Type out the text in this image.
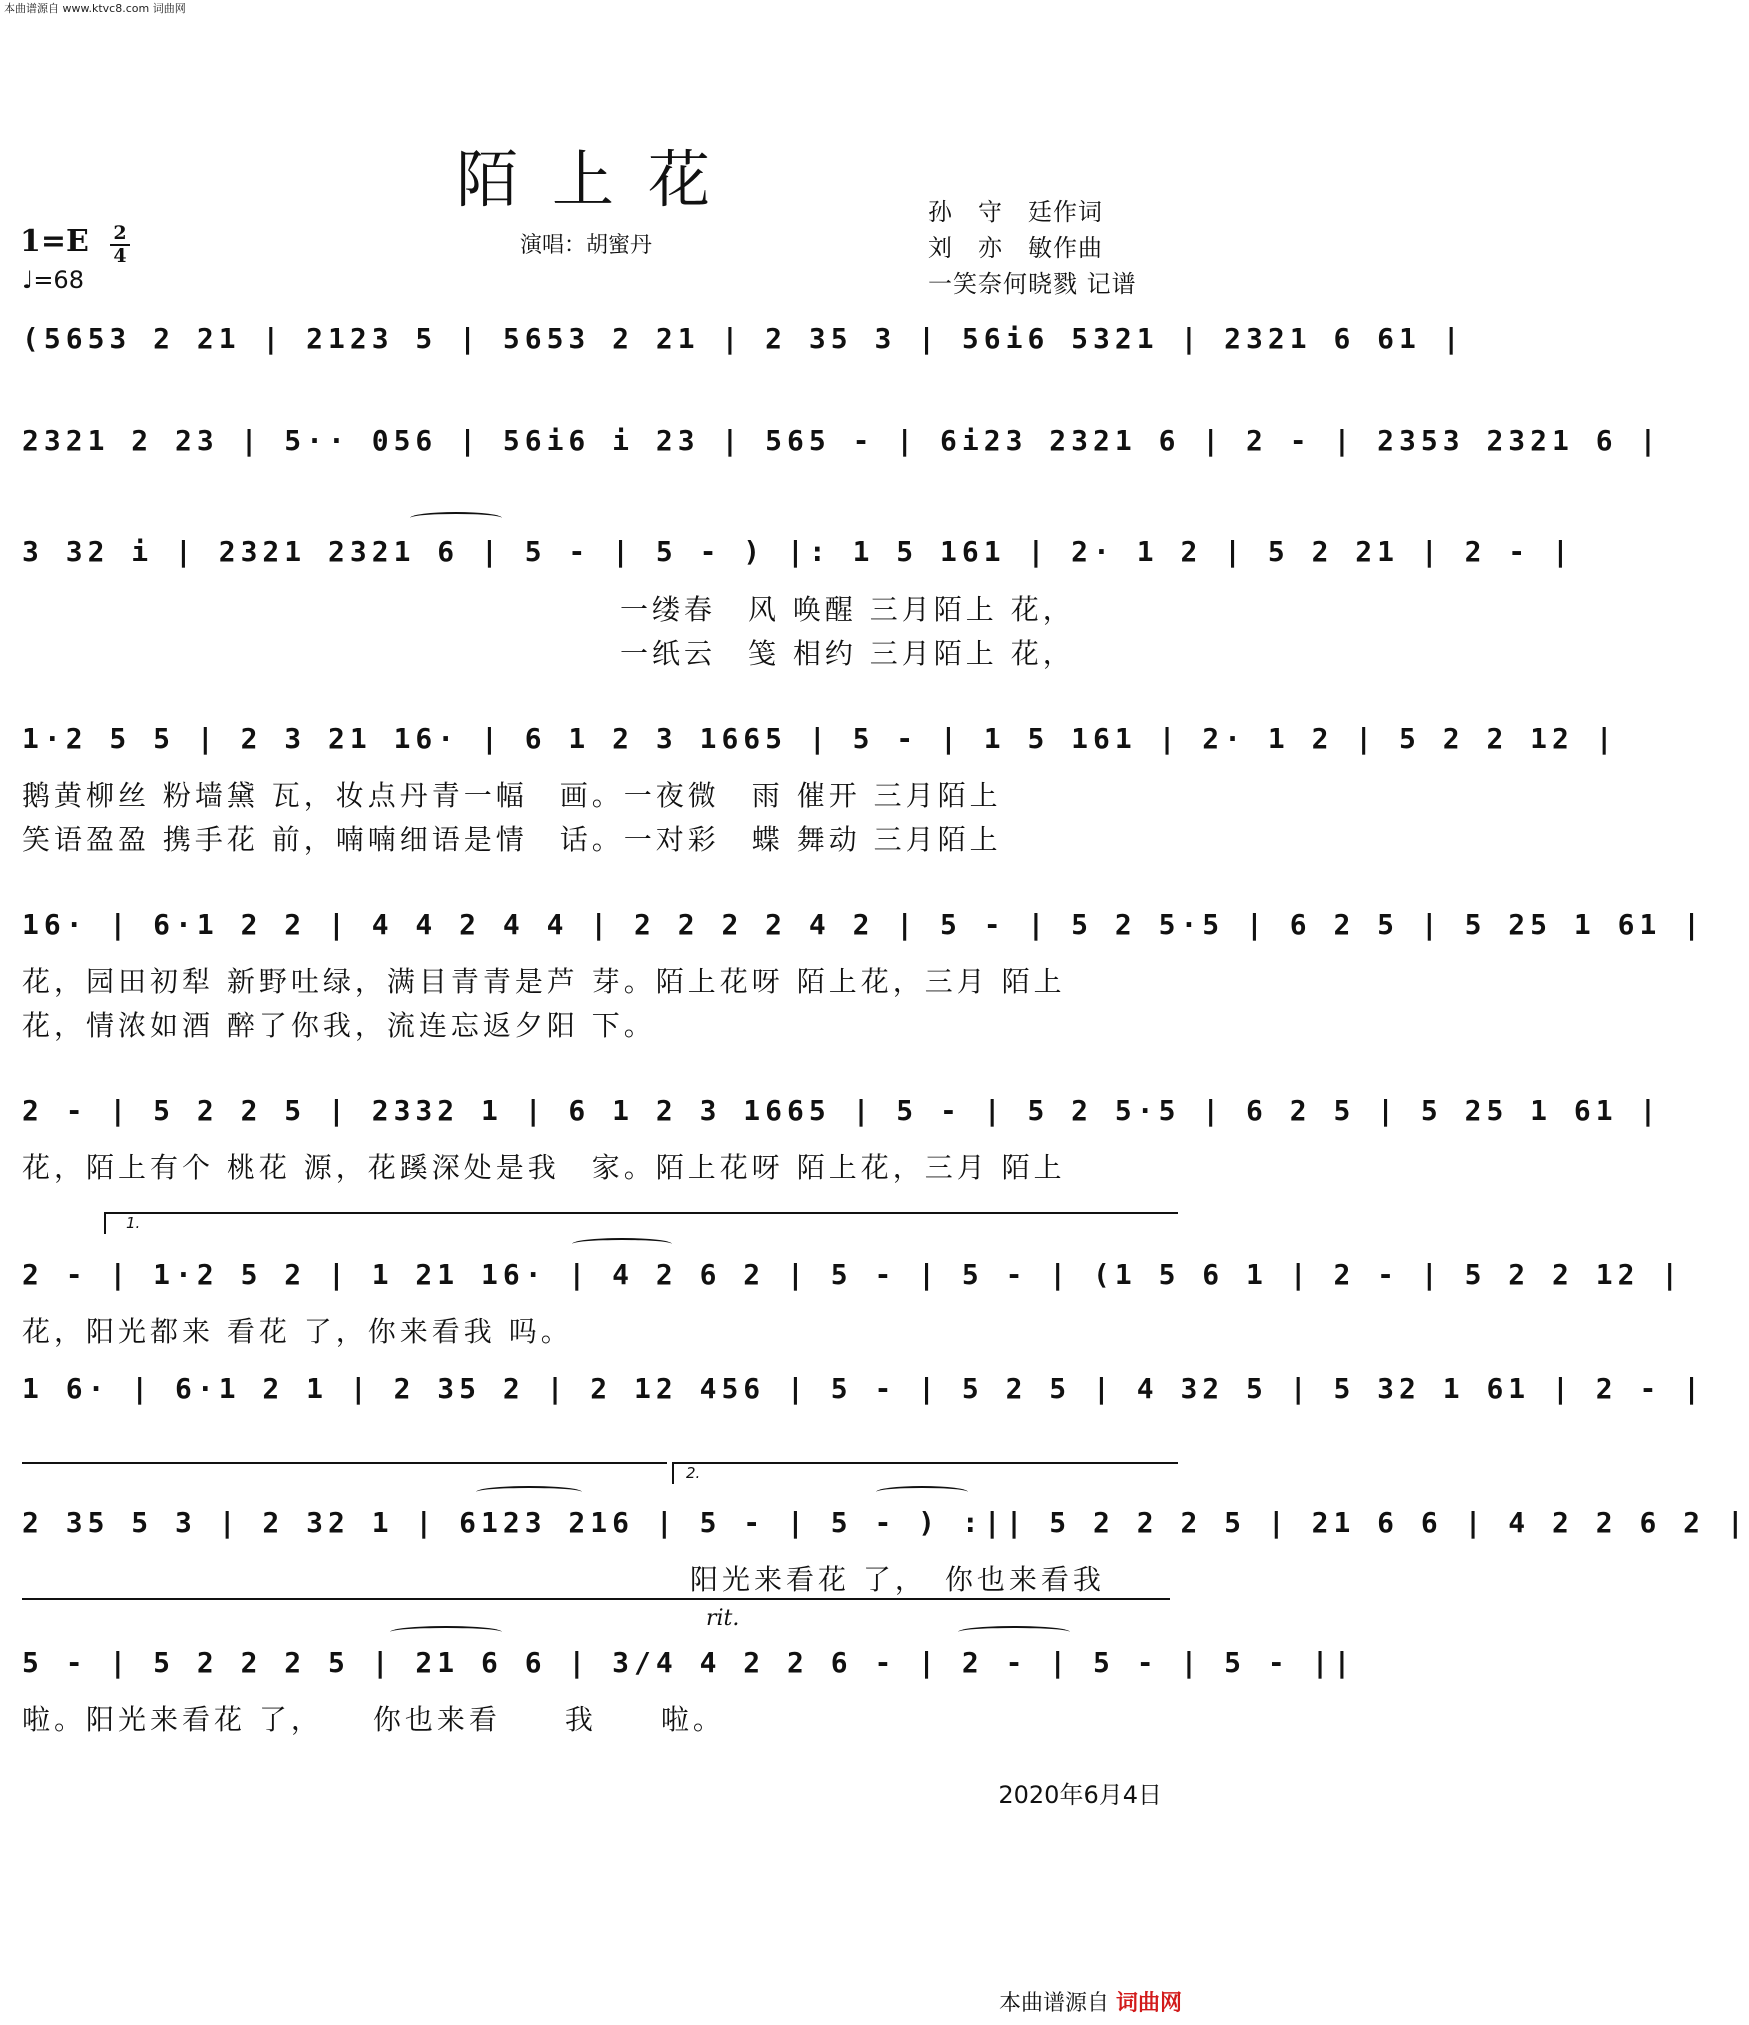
本曲谱源自 www.ktvc8.com 词曲网
陌上花	孙　守　廷作词
刘　亦　敏作曲
一笑奈何晓戮 记谱
1=E 2
4
♩=68
演唱：胡蜜丹
(5653 2 21 | 2123 5 | 5653 2 21 | 2 35 3 | 56i6 5321 | 2321 6 61 |
2321 2 23 | 5·· 056 | 56i6 i 23 | 565 - | 6i23 2321 6 | 2 - | 2353 2321 6 |
3 32 i | 2321 2321 6 | 5 - | 5 - ) |: 1 5 161 | 2· 1 2 | 5 2 21 | 2 - |
一缕春　风 唤醒 三月陌上 花，
一纸云　笺 相约 三月陌上 花，
1·2 5 5 | 2 3 21 16· | 6 1 2 3 1665 | 5 - | 1 5 161 | 2· 1 2 | 5 2 2 12 |
鹅黄柳丝 粉墙黛 瓦，妆点丹青一幅　画。一夜微　雨 催开 三月陌上
笑语盈盈 携手花 前，喃喃细语是情　话。一对彩　蝶 舞动 三月陌上
16· | 6·1 2 2 | 4 4 2 4 4 | 2 2 2 2 4 2 | 5 - | 5 2 5·5 | 6 2 5 | 5 25 1 61 |
花，园田初犁 新野吐绿，满目青青是芦 芽。陌上花呀 陌上花，三月 陌上
花，情浓如酒 醉了你我，流连忘返夕阳 下。
2 - | 5 2 2 5 | 2332 1 | 6 1 2 3 1665 | 5 - | 5 2 5·5 | 6 2 5 | 5 25 1 61 |
花，陌上有个 桃花 源，花蹊深处是我　家。陌上花呀 陌上花，三月 陌上
1.
2 - | 1·2 5 2 | 1 21 16· | 4 2 6 2 | 5 - | 5 - | (1 5 6 1 | 2 - | 5 2 2 12 |
花，阳光都来 看花 了，你来看我 吗。
1 6· | 6·1 2 1 | 2 35 2 | 2 12 456 | 5 - | 5 2 5 | 4 32 5 | 5 32 1 61 | 2 - |
2.
2 35 5 3 | 2 32 1 | 6123 216 | 5 - | 5 - ) :|| 5 2 2 2 5 | 21 6 6 | 4 2 2 6 2 |
阳光来看花 了，　你也来看我
rit.
5 - | 5 2 2 2 5 | 21 6 6 | 3/4 4 2 2 6 - | 2 - | 5 - | 5 - ||
啦。阳光来看花 了，　　你也来看　　我　　啦。
2020年6月4日
本曲谱源自 词曲网
